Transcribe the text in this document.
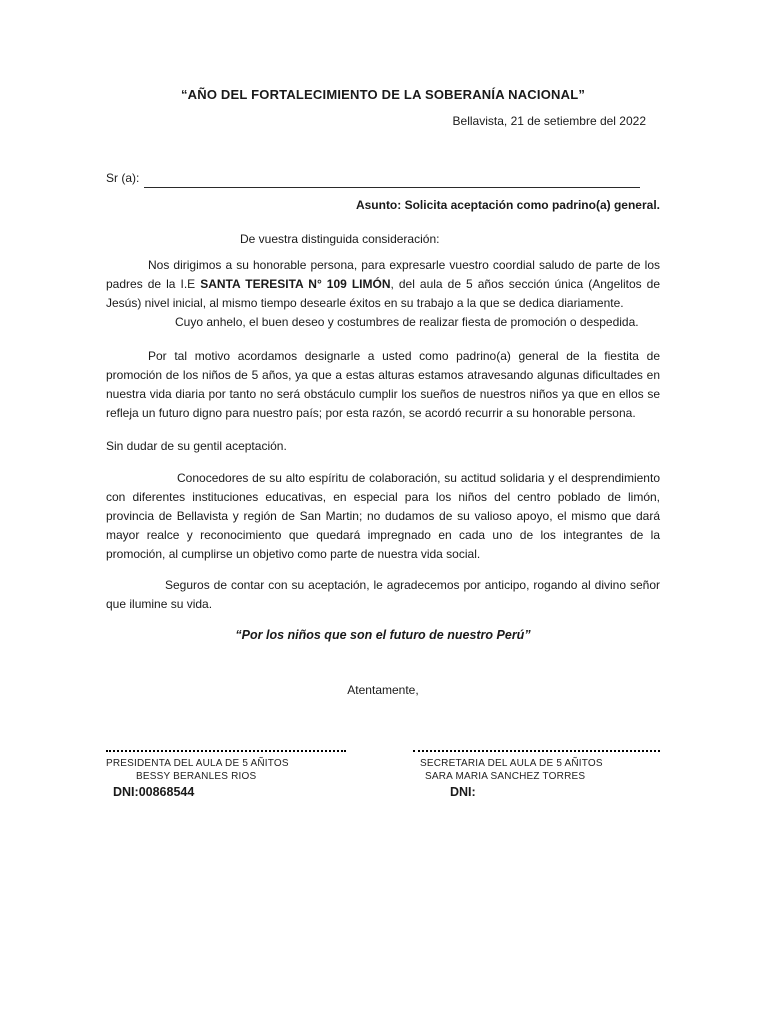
“AÑO DEL FORTALECIMIENTO DE LA SOBERANÍA NACIONAL”

Bellavista, 21 de setiembre del 2022

Sr (a):

Asunto: Solicita aceptación como padrino(a) general.

De vuestra distinguida consideración:

Nos dirigimos a su honorable persona, para expresarle vuestro coordial saludo de parte de los padres de la I.E SANTA TERESITA N° 109 LIMÓN, del aula de 5 años sección única (Angelitos de Jesús) nivel inicial, al mismo tiempo desearle éxitos en su trabajo a la que se dedica diariamente.

Cuyo anhelo, el buen deseo y costumbres de realizar fiesta de promoción o despedida.

Por tal motivo acordamos designarle a usted como padrino(a) general de la fiestita de promoción de los niños de 5 años, ya que a estas alturas estamos atravesando algunas dificultades en nuestra vida diaria por tanto no será obstáculo cumplir los sueños de nuestros niños ya que en ellos se refleja un futuro digno para nuestro país; por esta razón, se acordó recurrir a su honorable persona.

Sin dudar de su gentil aceptación.

Conocedores de su alto espíritu de colaboración, su actitud solidaria y el desprendimiento con diferentes instituciones educativas, en especial para los niños del centro poblado de limón, provincia de Bellavista y región de San Martin; no dudamos de su valioso apoyo, el mismo que dará mayor realce y reconocimiento que quedará impregnado en cada uno de los integrantes de la promoción, al cumplirse un objetivo como parte de nuestra vida social.

Seguros de contar con su aceptación, le agradecemos por anticipo, rogando al divino señor que ilumine su vida.

“Por los niños que son el futuro de nuestro Perú”

Atentamente,

PRESIDENTA DEL AULA DE 5 AÑITOS
BESSY BERANLES RIOS
DNI:00868544
SECRETARIA DEL AULA DE 5 AÑITOS
SARA MARIA SANCHEZ TORRES
DNI:
